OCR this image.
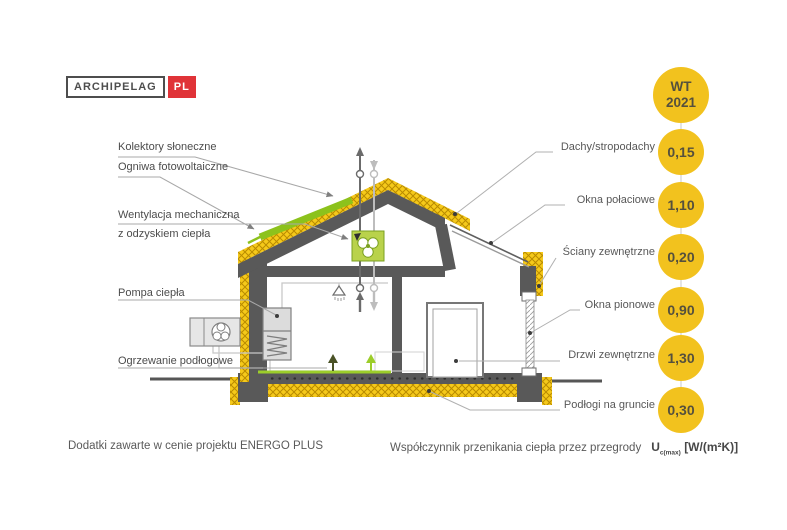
ARCHIPELAG	PL
Kolektory słoneczne
Ogniwa fotowoltaiczne
Wentylacja mechaniczna
z odzyskiem ciepła
Pompa ciepła
Ogrzewanie podłogowe
Dachy/stropodachy
Okna połaciowe
Ściany zewnętrzne
Okna pionowe
Drzwi zewnętrzne
Podłogi na gruncie
WT
2021
0,15
1,10
0,20
0,90
1,30
0,30
Dodatki zawarte w cenie projektu ENERGO PLUS	Współczynnik przenikania ciepła przez przegrody $U_{c(max)}$ [W/(m²K)]
